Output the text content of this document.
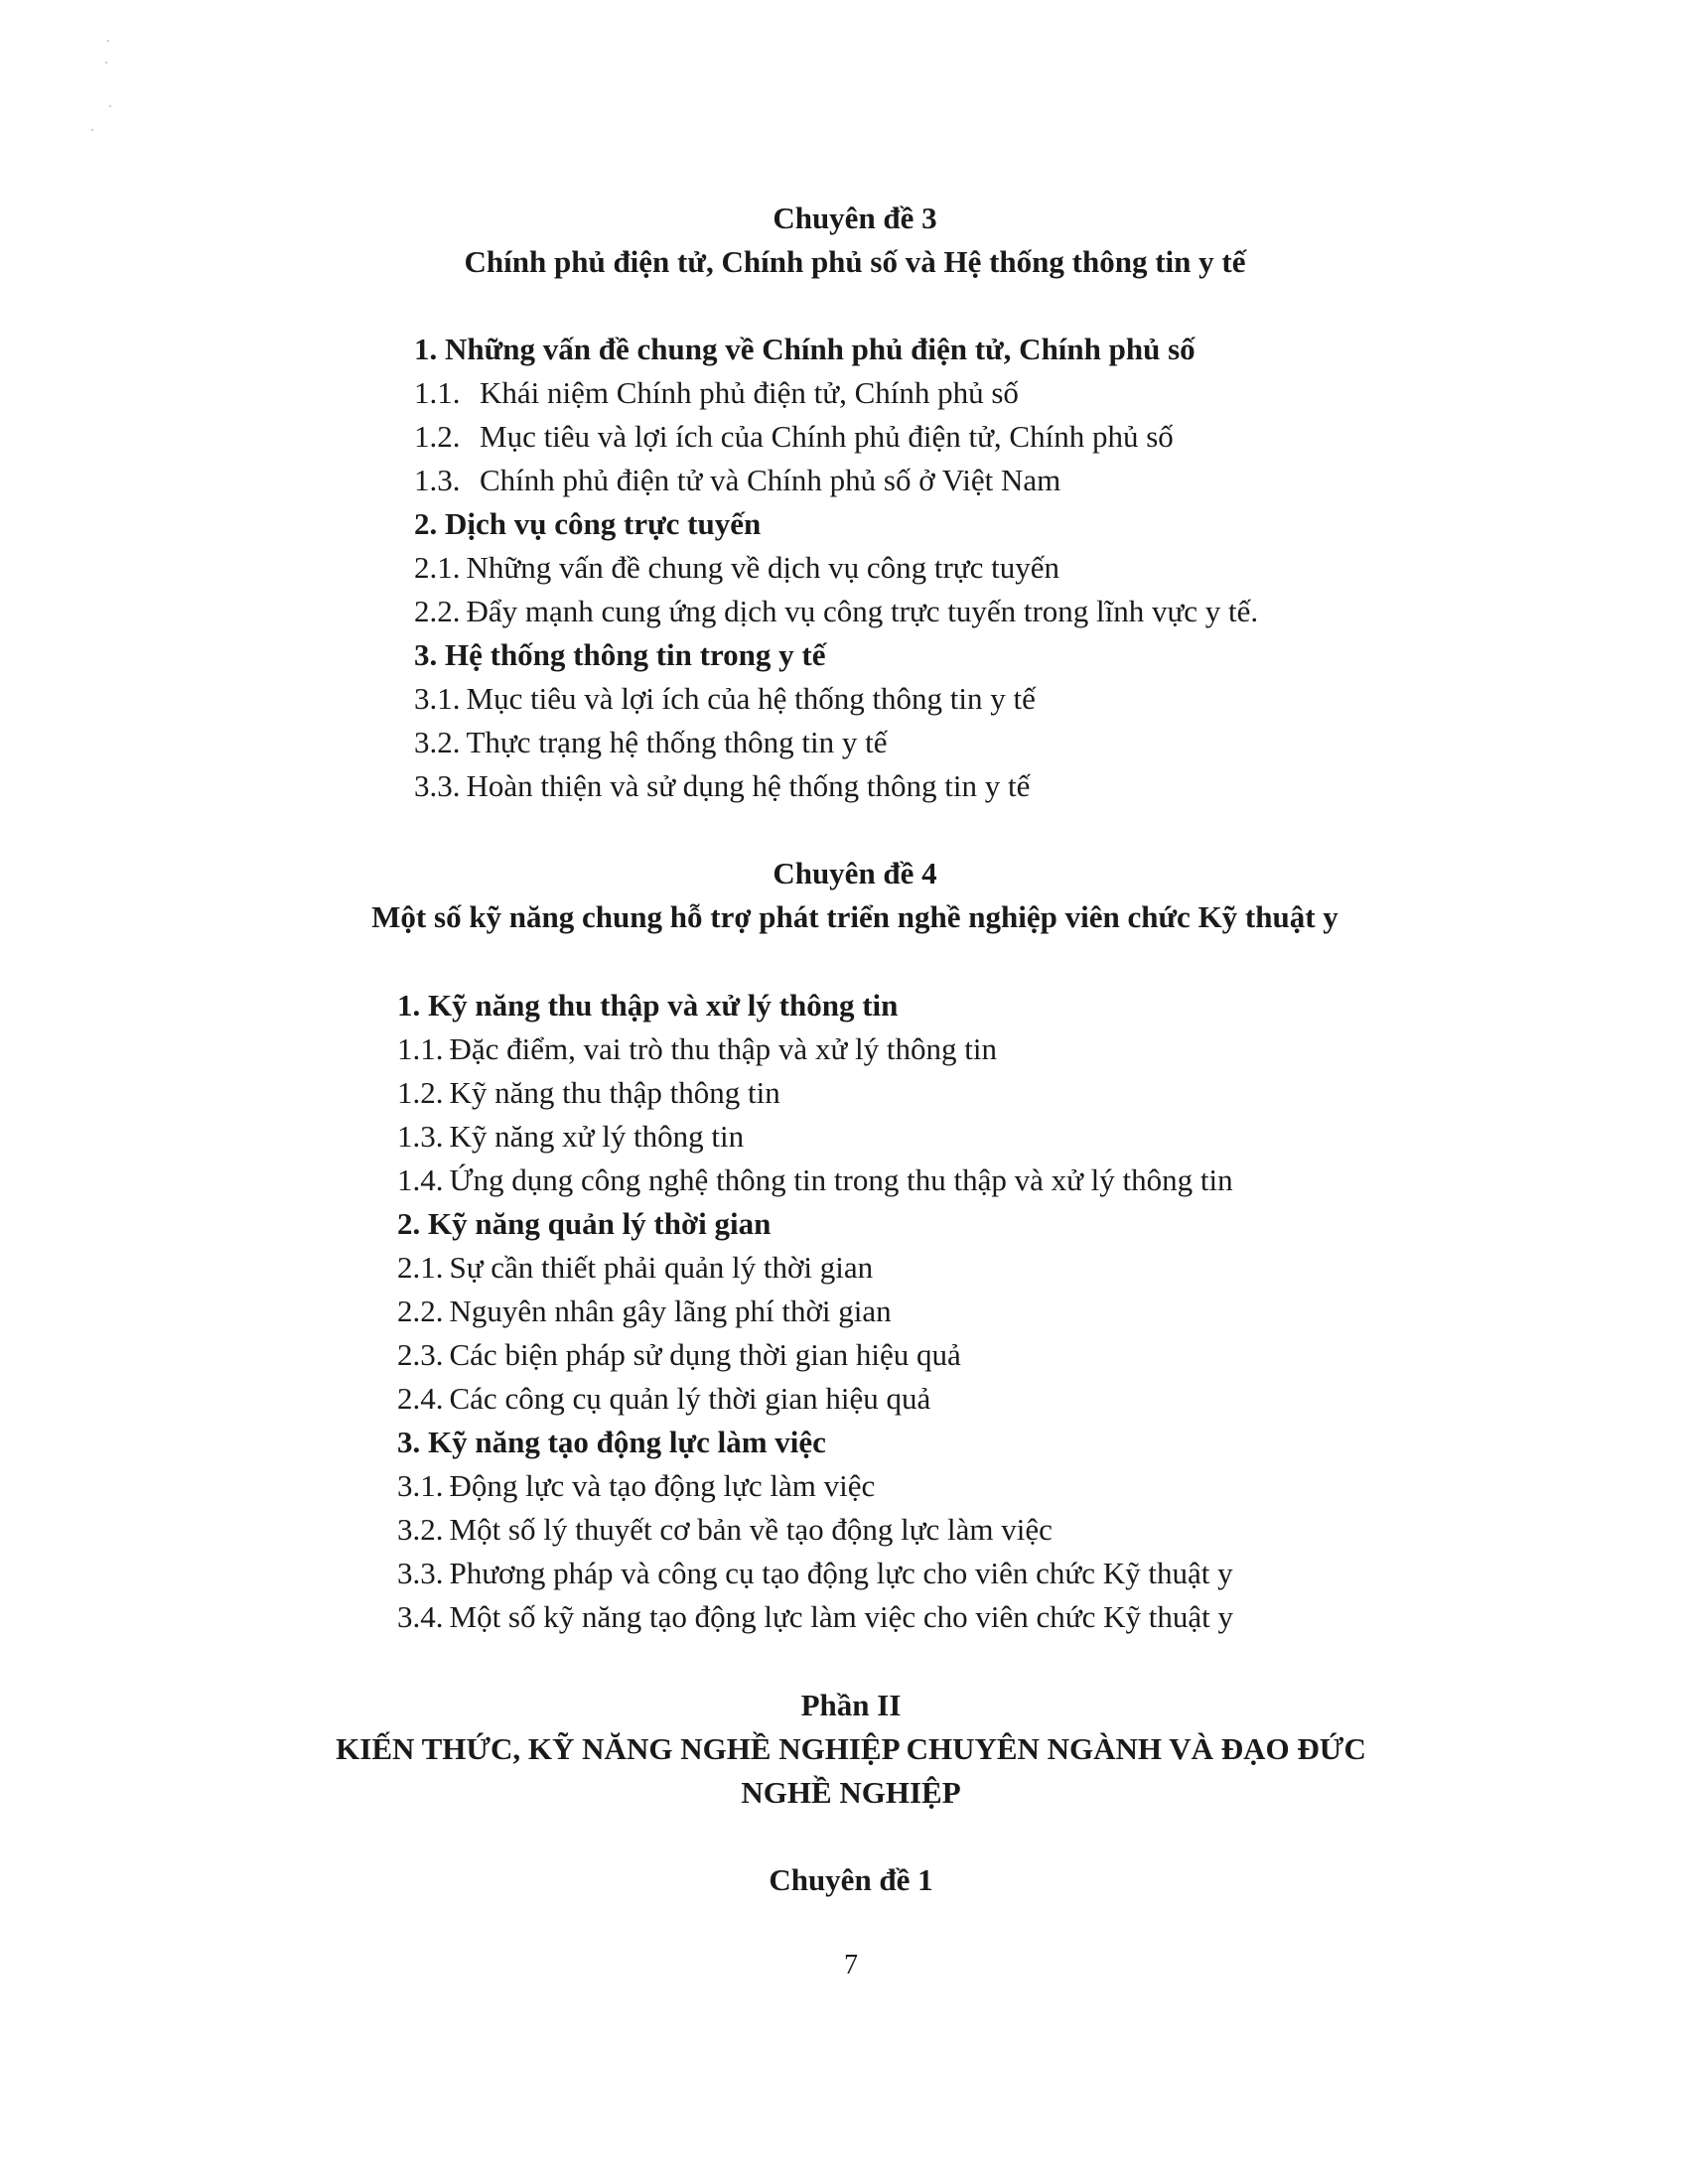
Chuyên đề 3
Chính phủ điện tử, Chính phủ số và Hệ thống thông tin y tế
1. Những vấn đề chung về Chính phủ điện tử, Chính phủ số
1.1. Khái niệm Chính phủ điện tử, Chính phủ số
1.2. Mục tiêu và lợi ích của Chính phủ điện tử, Chính phủ số
1.3. Chính phủ điện tử và Chính phủ số ở Việt Nam
2. Dịch vụ công trực tuyến
2.1. Những vấn đề chung về dịch vụ công trực tuyến
2.2. Đẩy mạnh cung ứng dịch vụ công trực tuyến trong lĩnh vực y tế.
3. Hệ thống thông tin trong y tế
3.1. Mục tiêu và lợi ích của hệ thống thông tin y tế
3.2. Thực trạng hệ thống thông tin y tế
3.3. Hoàn thiện và sử dụng hệ thống thông tin y tế
Chuyên đề 4
Một số kỹ năng chung hỗ trợ phát triển nghề nghiệp viên chức Kỹ thuật y
1. Kỹ năng thu thập và xử lý thông tin
1.1. Đặc điểm, vai trò thu thập và xử lý thông tin
1.2. Kỹ năng thu thập thông tin
1.3. Kỹ năng xử lý thông tin
1.4. Ứng dụng công nghệ thông tin trong thu thập và xử lý thông tin
2. Kỹ năng quản lý thời gian
2.1. Sự cần thiết phải quản lý thời gian
2.2. Nguyên nhân gây lãng phí thời gian
2.3. Các biện pháp sử dụng thời gian hiệu quả
2.4. Các công cụ quản lý thời gian hiệu quả
3. Kỹ năng tạo động lực làm việc
3.1. Động lực và tạo động lực làm việc
3.2. Một số lý thuyết cơ bản về tạo động lực làm việc
3.3. Phương pháp và công cụ tạo động lực cho viên chức Kỹ thuật y
3.4. Một số kỹ năng tạo động lực làm việc cho viên chức Kỹ thuật y
Phần II
KIẾN THỨC, KỸ NĂNG NGHỀ NGHIỆP CHUYÊN NGÀNH VÀ ĐẠO ĐỨC
NGHỀ NGHIỆP
Chuyên đề 1
7
